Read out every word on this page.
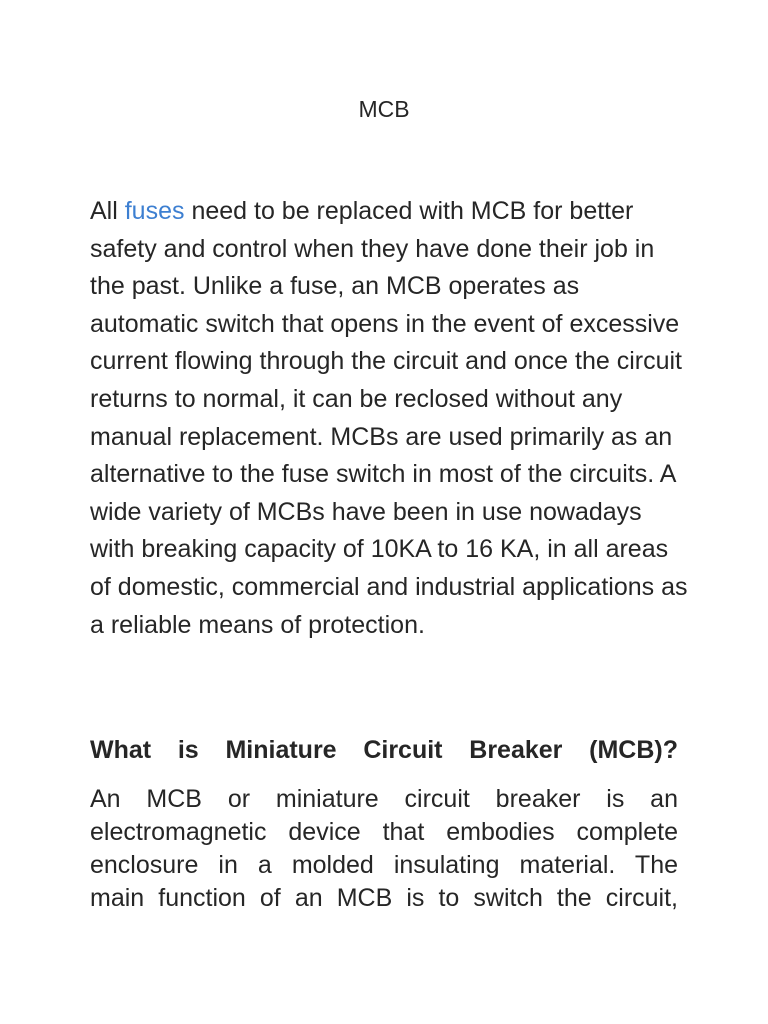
MCB

All fuses need to be replaced with MCB for better safety and control when they have done their job in the past. Unlike a fuse, an MCB operates as automatic switch that opens in the event of excessive current flowing through the circuit and once the circuit returns to normal, it can be reclosed without any manual replacement. MCBs are used primarily as an alternative to the fuse switch in most of the circuits. A wide variety of MCBs have been in use nowadays with breaking capacity of 10KA to 16 KA, in all areas of domestic, commercial and industrial applications as a reliable means of protection.

What is Miniature Circuit Breaker (MCB)?

An MCB or miniature circuit breaker is an
electromagnetic device that embodies complete
enclosure in a molded insulating material. The
main function of an MCB is to switch the circuit,
